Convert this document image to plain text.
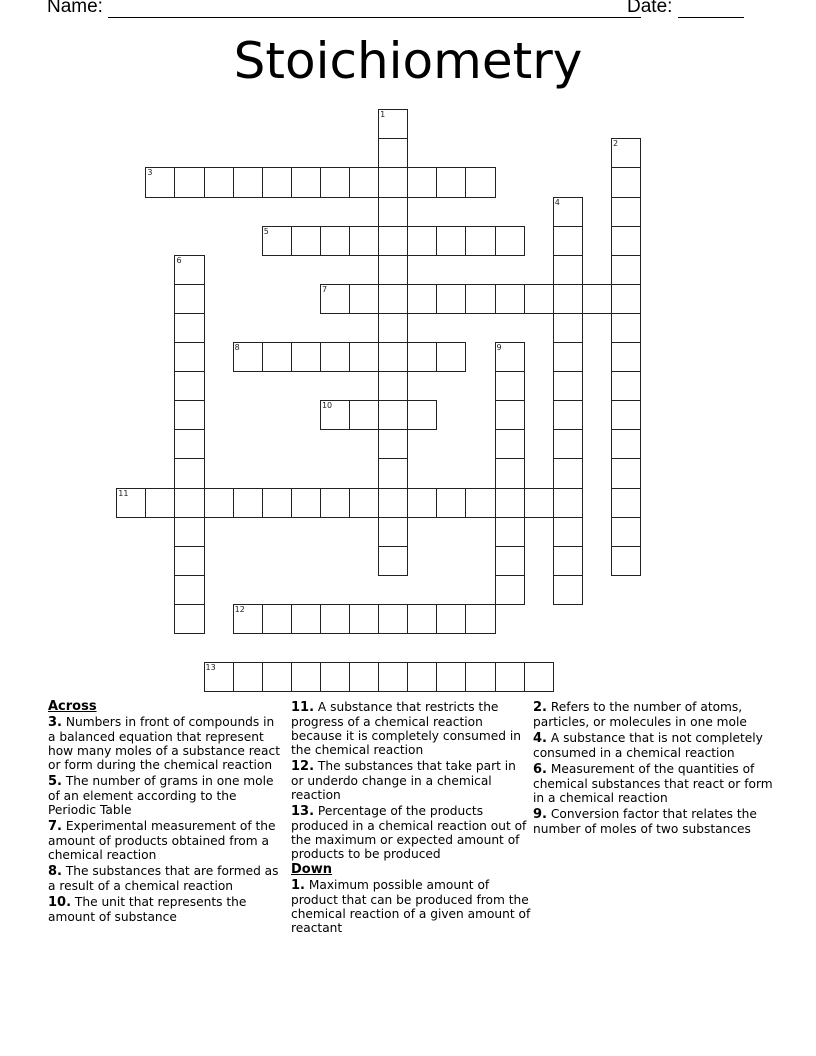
Name:	Date:
Stoichiometry
1
2
3
4
5
6
7
8	9
10
11
12
13
Across
3. Numbers in front of compounds in a balanced equation that represent how many moles of a substance react or form during the chemical reaction
5. The number of grams in one mole of an element according to the Periodic Table
7. Experimental measurement of the amount of products obtained from a chemical reaction
8. The substances that are formed as a result of a chemical reaction
10. The unit that represents the amount of substance
11. A substance that restricts the progress of a chemical reaction because it is completely consumed in the chemical reaction
12. The substances that take part in or underdo change in a chemical reaction
13. Percentage of the products produced in a chemical reaction out of the maximum or expected amount of products to be produced
Down
1. Maximum possible amount of product that can be produced from the chemical reaction of a given amount of reactant
2. Refers to the number of atoms, particles, or molecules in one mole
4. A substance that is not completely consumed in a chemical reaction
6. Measurement of the quantities of chemical substances that react or form in a chemical reaction
9. Conversion factor that relates the number of moles of two substances
